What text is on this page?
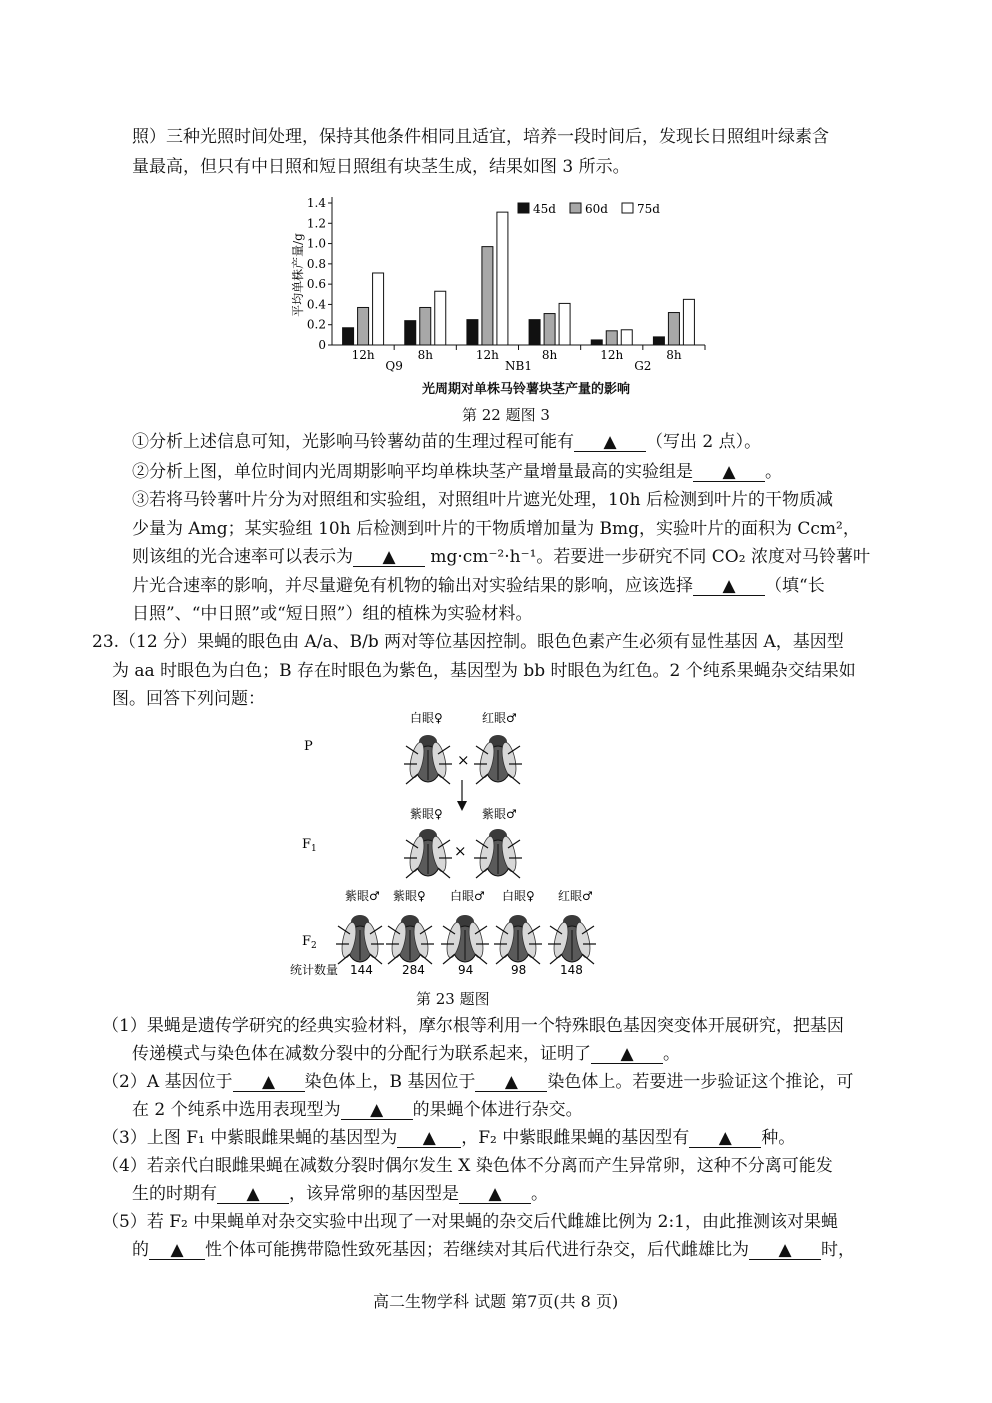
照）三种光照时间处理，保持其他条件相同且适宜，培养一段时间后，发现长日照组叶绿素含
量最高，但只有中日照和短日照组有块茎生成，结果如图 3 所示。
平均单株产量/g
0
0.2
0.4
0.6
0.8
1.0
1.2
1.4
12h	8h	12h	8h	12h	8h
Q9	NB1	G2
45d 60d 75d
光周期对单株马铃薯块茎产量的影响
第 22 题图 3
①分析上述信息可知，光影响马铃薯幼苗的生理过程可能有 ▲ （写出 2 点）。
②分析上图，单位时间内光周期影响平均单株块茎产量增量最高的实验组是 ▲ 。
③若将马铃薯叶片分为对照组和实验组，对照组叶片遮光处理，10h 后检测到叶片的干物质减
少量为 Amg；某实验组 10h 后检测到叶片的干物质增加量为 Bmg，实验叶片的面积为 Ccm²，
则该组的光合速率可以表示为 ▲ mg·cm⁻²·h⁻¹。若要进一步研究不同 CO₂ 浓度对马铃薯叶
片光合速率的影响，并尽量避免有机物的输出对实验结果的影响，应该选择 ▲ （填“长
日照”、“中日照”或“短日照”）组的植株为实验材料。
23.（12 分）果蝇的眼色由 A/a、B/b 两对等位基因控制。眼色色素产生必须有显性基因 A，基因型
为 aa 时眼色为白色；B 存在时眼色为紫色，基因型为 bb 时眼色为红色。2 个纯系果蝇杂交结果如
图。回答下列问题：
P
$F_1$
$F_2$
白眼♀	红眼♂
×
紫眼♀	紫眼♂
×
紫眼♂ 紫眼♀ 白眼♂ 白眼♀ 红眼♂
统计数量 144 284	94	98	148
第 23 题图
（1）果蝇是遗传学研究的经典实验材料，摩尔根等利用一个特殊眼色基因突变体开展研究，把基因
传递模式与染色体在减数分裂中的分配行为联系起来，证明了 ▲ 。
（2）A 基因位于 ▲ 染色体上，B 基因位于 ▲ 染色体上。若要进一步验证这个推论，可
在 2 个纯系中选用表现型为 ▲ 的果蝇个体进行杂交。
（3）上图 F₁ 中紫眼雌果蝇的基因型为 ▲ ，F₂ 中紫眼雌果蝇的基因型有 ▲ 种。
（4）若亲代白眼雌果蝇在减数分裂时偶尔发生 X 染色体不分离而产生异常卵，这种不分离可能发
生的时期有 ▲ ，该异常卵的基因型是 ▲ 。
（5）若 F₂ 中果蝇单对杂交实验中出现了一对果蝇的杂交后代雌雄比例为 2:1，由此推测该对果蝇
的 ▲ 性个体可能携带隐性致死基因；若继续对其后代进行杂交，后代雌雄比为 ▲ 时，
高二生物学科 试题 第7页(共 8 页)
